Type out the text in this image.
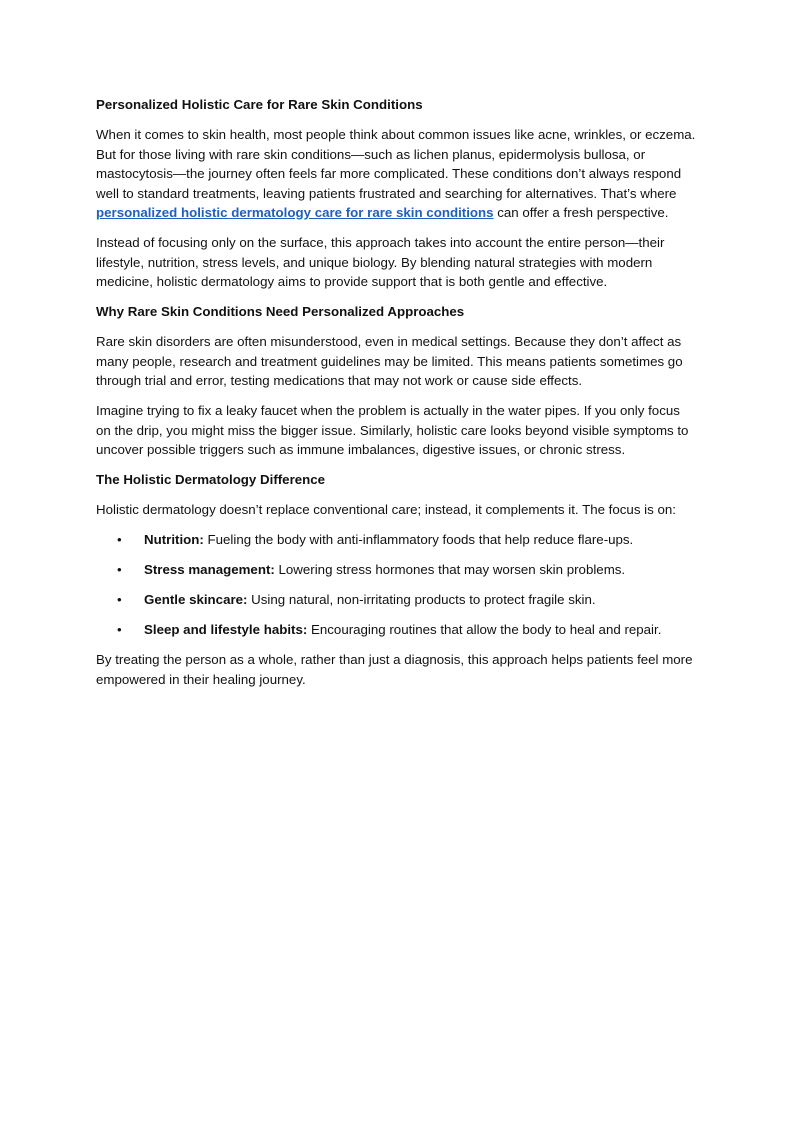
Personalized Holistic Care for Rare Skin Conditions

When it comes to skin health, most people think about common issues like acne, wrinkles, or eczema. But for those living with rare skin conditions—such as lichen planus, epidermolysis bullosa, or mastocytosis—the journey often feels far more complicated. These conditions don’t always respond well to standard treatments, leaving patients frustrated and searching for alternatives. That’s where personalized holistic dermatology care for rare skin conditions can offer a fresh perspective.

Instead of focusing only on the surface, this approach takes into account the entire person—their lifestyle, nutrition, stress levels, and unique biology. By blending natural strategies with modern medicine, holistic dermatology aims to provide support that is both gentle and effective.

Why Rare Skin Conditions Need Personalized Approaches

Rare skin disorders are often misunderstood, even in medical settings. Because they don’t affect as many people, research and treatment guidelines may be limited. This means patients sometimes go through trial and error, testing medications that may not work or cause side effects.

Imagine trying to fix a leaky faucet when the problem is actually in the water pipes. If you only focus on the drip, you might miss the bigger issue. Similarly, holistic care looks beyond visible symptoms to uncover possible triggers such as immune imbalances, digestive issues, or chronic stress.

The Holistic Dermatology Difference

Holistic dermatology doesn’t replace conventional care; instead, it complements it. The focus is on:

• Nutrition: Fueling the body with anti-inflammatory foods that help reduce flare-ups.
• Stress management: Lowering stress hormones that may worsen skin problems.
• Gentle skincare: Using natural, non-irritating products to protect fragile skin.
• Sleep and lifestyle habits: Encouraging routines that allow the body to heal and repair.

By treating the person as a whole, rather than just a diagnosis, this approach helps patients feel more empowered in their healing journey.
